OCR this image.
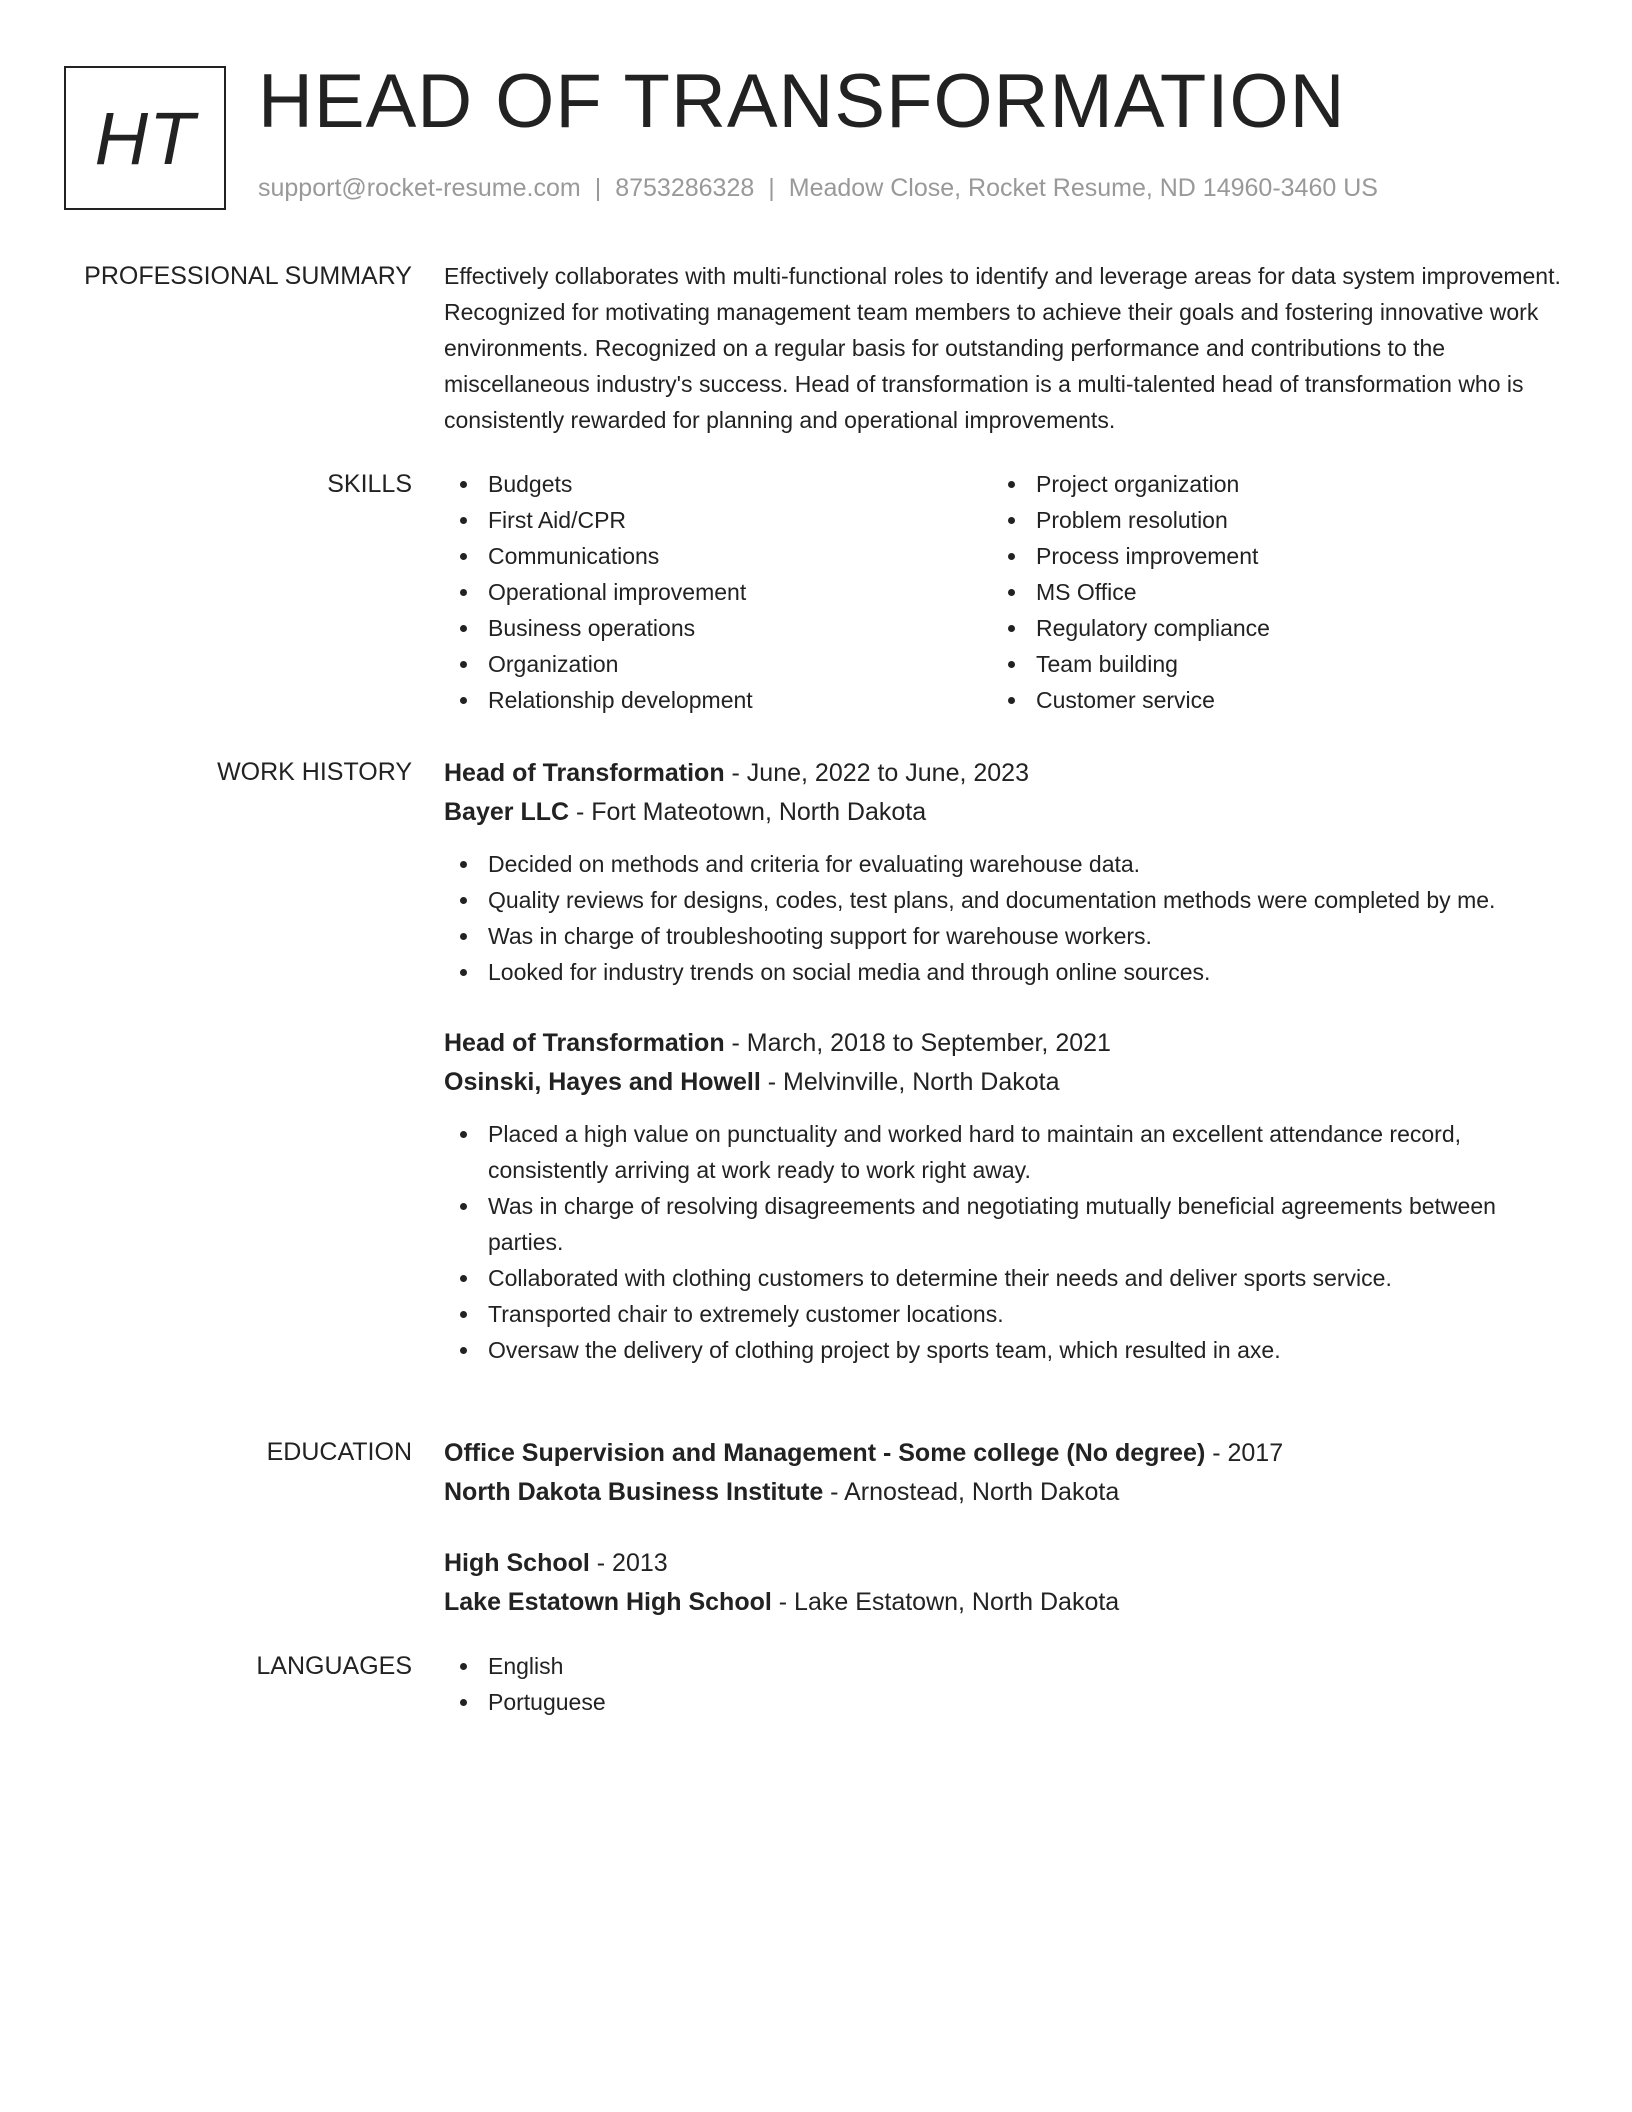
HT HEAD OF TRANSFORMATION
support@rocket-resume.com | 8753286328 | Meadow Close, Rocket Resume, ND 14960-3460 US
PROFESSIONAL SUMMARY Effectively collaborates with multi-functional roles to identify and leverage areas for data system improvement. Recognized for motivating management team members to achieve their goals and fostering innovative work environments. Recognized on a regular basis for outstanding performance and contributions to the miscellaneous industry's success. Head of transformation is a multi-talented head of transformation who is consistently rewarded for planning and operational improvements.

SKILLS	Budgets
First Aid/CPR
Communications
Operational improvement
Business operations
Organization
Relationship development
Project organization
Problem resolution
Process improvement
MS Office
Regulatory compliance
Team building
Customer service
WORK HISTORY Head of Transformation - June, 2022 to June, 2023
Bayer LLC - Fort Mateotown, North Dakota
Decided on methods and criteria for evaluating warehouse data.
Quality reviews for designs, codes, test plans, and documentation methods were completed by me.
Was in charge of troubleshooting support for warehouse workers.
Looked for industry trends on social media and through online sources.
Head of Transformation - March, 2018 to September, 2021
Osinski, Hayes and Howell - Melvinville, North Dakota
Placed a high value on punctuality and worked hard to maintain an excellent attendance record, consistently arriving at work ready to work right away.
Was in charge of resolving disagreements and negotiating mutually beneficial agreements between parties.
Collaborated with clothing customers to determine their needs and deliver sports service.
Transported chair to extremely customer locations.
Oversaw the delivery of clothing project by sports team, which resulted in axe.
EDUCATION Office Supervision and Management - Some college (No degree) - 2017
North Dakota Business Institute - Arnostead, North Dakota
High School - 2013
Lake Estatown High School - Lake Estatown, North Dakota
LANGUAGES	English
Portuguese
